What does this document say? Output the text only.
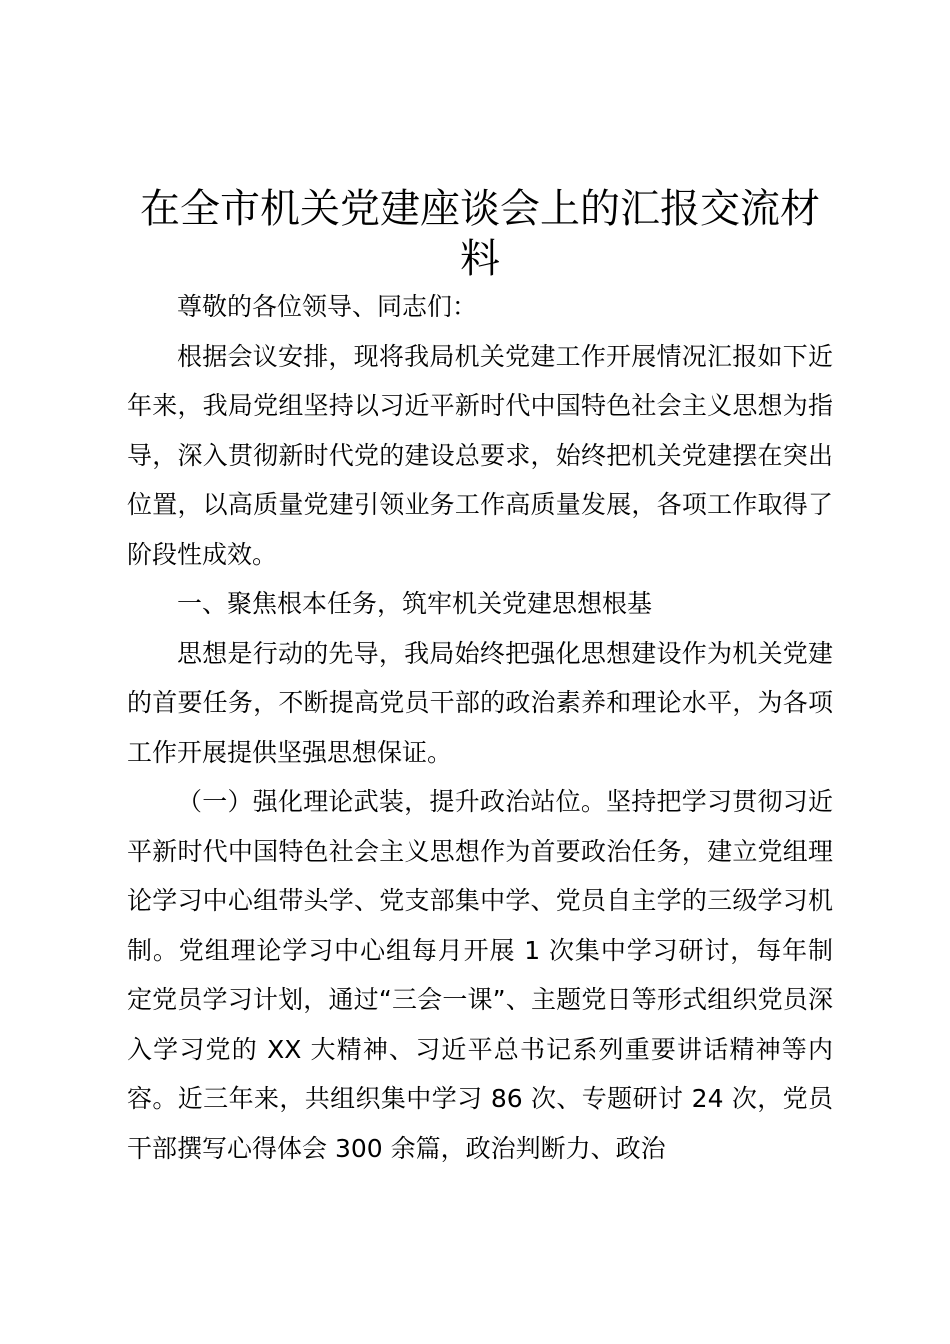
在全市机关党建座谈会上的汇报交流材料

尊敬的各位领导、同志们：

根据会议安排，现将我局机关党建工作开展情况汇报如下近年来，我局党组坚持以习近平新时代中国特色社会主义思想为指导，深入贯彻新时代党的建设总要求，始终把机关党建摆在突出位置，以高质量党建引领业务工作高质量发展，各项工作取得了阶段性成效。

一、聚焦根本任务，筑牢机关党建思想根基

思想是行动的先导，我局始终把强化思想建设作为机关党建的首要任务，不断提高党员干部的政治素养和理论水平，为各项工作开展提供坚强思想保证。

（一）强化理论武装，提升政治站位。坚持把学习贯彻习近平新时代中国特色社会主义思想作为首要政治任务，建立党组理论学习中心组带头学、党支部集中学、党员自主学的三级学习机制。党组理论学习中心组每月开展 1 次集中学习研讨，每年制定党员学习计划，通过“三会一课”、主题党日等形式组织党员深入学习党的 XX 大精神、习近平总书记系列重要讲话精神等内容。近三年来，共组织集中学习 86 次、专题研讨 24 次，党员干部撰写心得体会 300 余篇，政治判断力、政治
